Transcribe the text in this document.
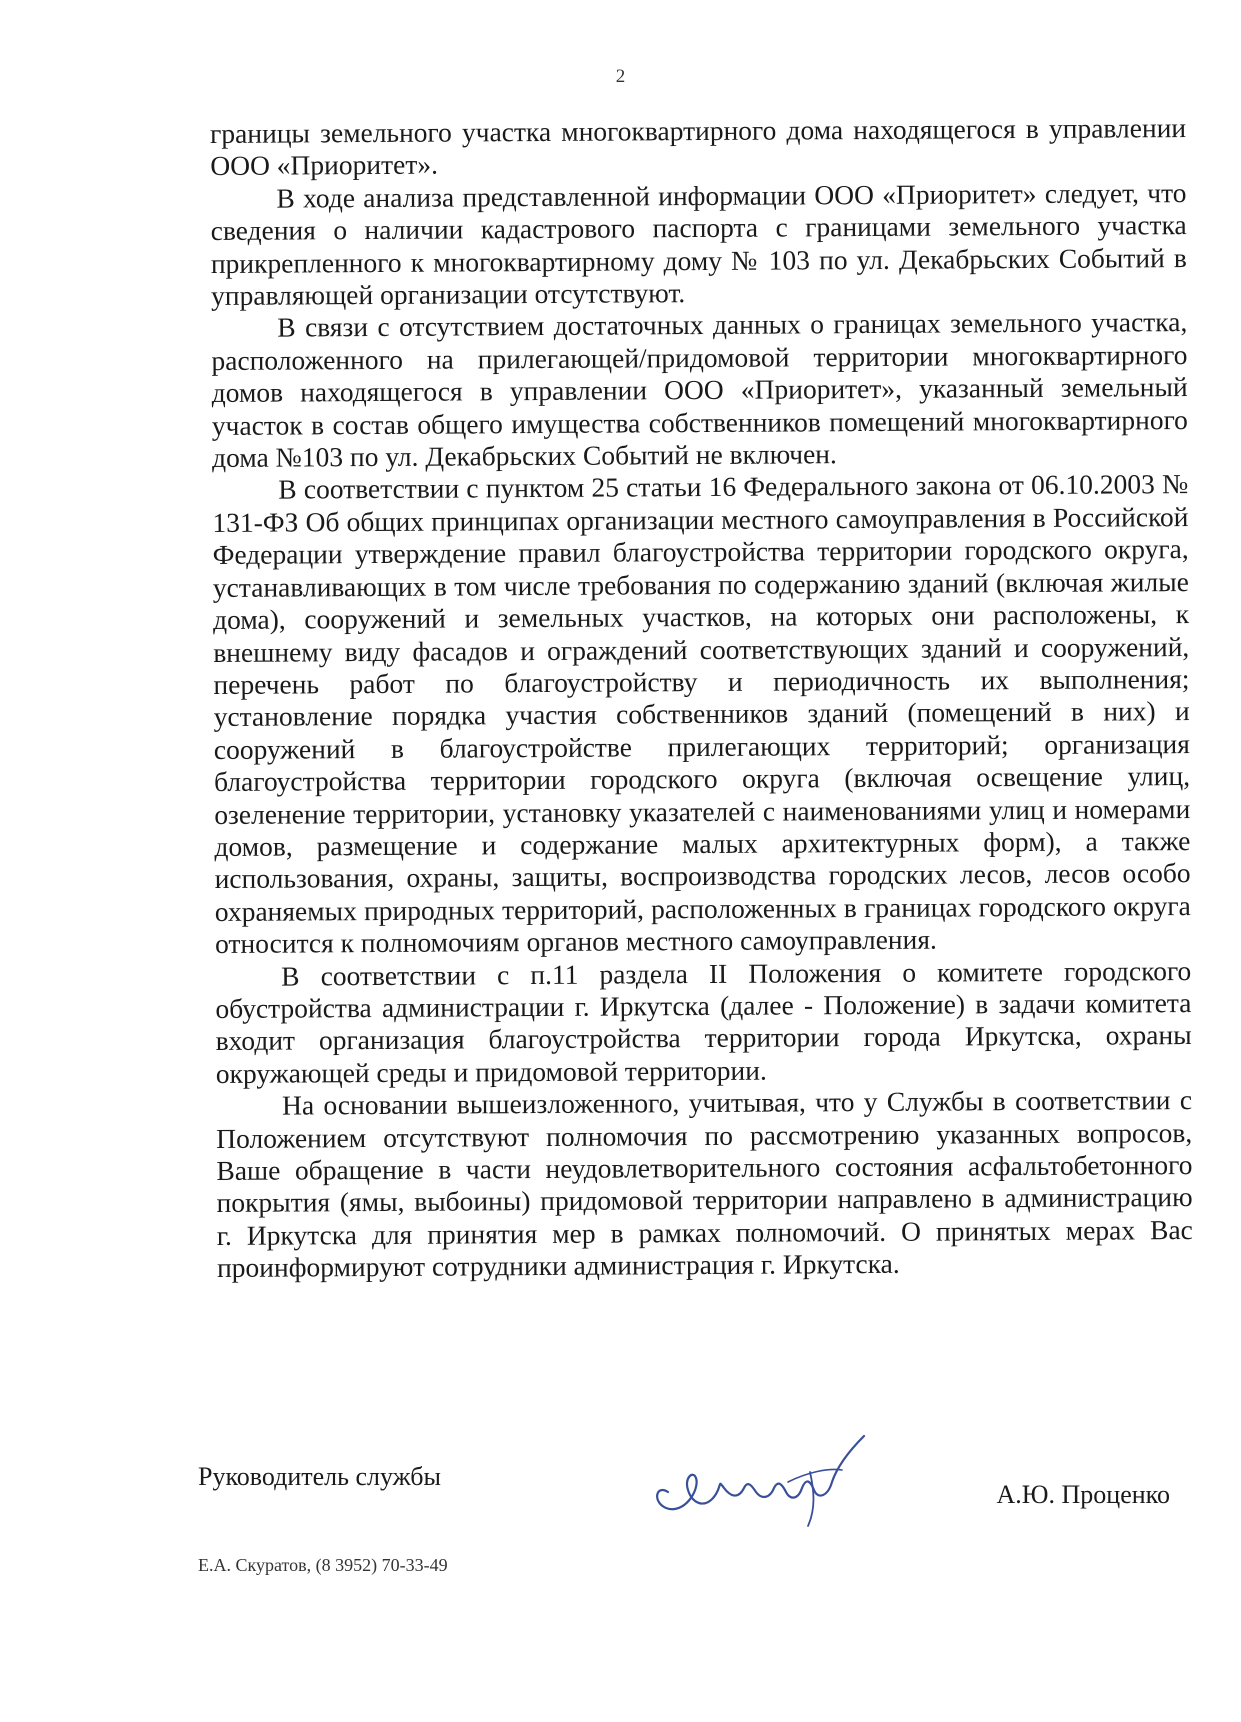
2

границы земельного участка многоквартирного дома находящегося в управлении ООО «Приоритет».

В ходе анализа представленной информации ООО «Приоритет» следует, что сведения о наличии кадастрового паспорта с границами земельного участка прикрепленного к многоквартирному дому № 103 по ул. Декабрьских Событий в управляющей организации отсутствуют.

В связи с отсутствием достаточных данных о границах земельного участка, расположенного на прилегающей/придомовой территории многоквартирного домов находящегося в управлении ООО «Приоритет», указанный земельный участок в состав общего имущества собственников помещений многоквартирного дома №103 по ул. Декабрьских Событий не включен.

В соответствии с пунктом 25 статьи 16 Федерального закона от 06.10.2003 № 131-ФЗ Об общих принципах организации местного самоуправления в Российской Федерации утверждение правил благоустройства территории городского округа, устанавливающих в том числе требования по содержанию зданий (включая жилые дома), сооружений и земельных участков, на которых они расположены, к внешнему виду фасадов и ограждений соответствующих зданий и сооружений, перечень работ по благоустройству и периодичность их выполнения; установление порядка участия собственников зданий (помещений в них) и сооружений в благоустройстве прилегающих территорий; организация благоустройства территории городского округа (включая освещение улиц, озеленение территории, установку указателей с наименованиями улиц и номерами домов, размещение и содержание малых архитектурных форм), а также использования, охраны, защиты, воспроизводства городских лесов, лесов особо охраняемых природных территорий, расположенных в границах городского округа относится к полномочиям органов местного самоуправления.

В соответствии с п.11 раздела II Положения о комитете городского обустройства администрации г. Иркутска (далее - Положение) в задачи комитета входит организация благоустройства территории города Иркутска, охраны окружающей среды и придомовой территории.

На основании вышеизложенного, учитывая, что у Службы в соответствии с Положением отсутствуют полномочия по рассмотрению указанных вопросов, Ваше обращение в части неудовлетворительного состояния асфальтобетонного покрытия (ямы, выбоины) придомовой территории направлено в администрацию г. Иркутска для принятия мер в рамках полномочий. О принятых мерах Вас проинформируют сотрудники администрация г. Иркутска.

Руководитель службы
А.Ю. Проценко
Е.А. Скуратов, (8 3952) 70-33-49
